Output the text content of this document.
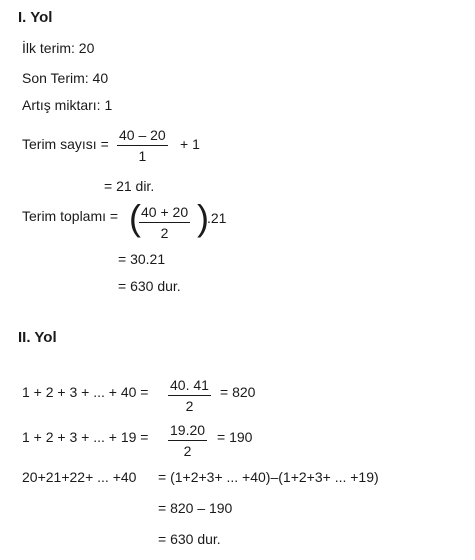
I. Yol
İlk terim: 20
Son Terim: 40
Artış miktarı: 1
Terim sayısı = $\frac{40 - 20}{1} + 1$
= 21 dir.
Terim toplamı = (
$\frac{40 + 20}{2}$ )
.21
= 30.21
= 630 dur.
II. Yol
1 + 2 + 3 + ... + $40 = \frac{40. 41}{2} = 820$
1 + 2 + 3 + ... + $19 = \frac{19.20}{2} = 190$
20+21+22+ ... +40 = (1+2+3+ ... +40)–(1+2+3+ ... +19)
= 820 – 190
= 630 dur.
